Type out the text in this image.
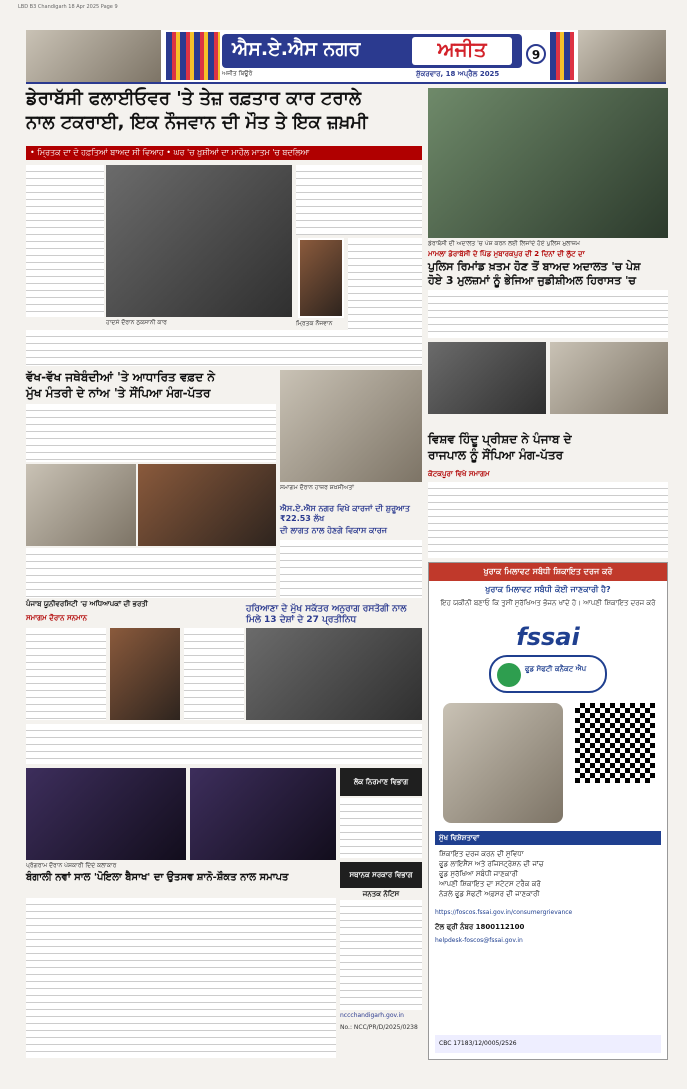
LBD B3 Chandigarh 18 Apr 2025 Page 9
ਐਸ.ਏ.ਐਸ ਨਗਰ	ਅਜੀਤ
ਅਜੀਤ ਬਿਊਰੋ	ਸ਼ੁੱਕਰਵਾਰ, 18 ਅਪ੍ਰੈਲ 2025
9
ਡੇਰਾਬੱਸੀ ਫਲਾਈਓਵਰ 'ਤੇ ਤੇਜ਼ ਰਫ਼ਤਾਰ ਕਾਰ ਟਰਾਲੇ
ਨਾਲ ਟਕਰਾਈ, ਇਕ ਨੌਜਵਾਨ ਦੀ ਮੌਤ ਤੇ ਇਕ ਜ਼ਖ਼ਮੀ
• ਮ੍ਰਿਤਕ ਦਾ ਦੋ ਹਫ਼ਤਿਆਂ ਬਾਅਦ ਸੀ ਵਿਆਹ • ਘਰ 'ਚ ਖ਼ੁਸ਼ੀਆਂ ਦਾ ਮਾਹੌਲ ਮਾਤਮ 'ਚ ਬਦਲਿਆ
ਹਾਦਸੇ ਦੌਰਾਨ ਨੁਕਸਾਨੀ ਕਾਰ	ਮ੍ਰਿਤਕ ਨੌਜਵਾਨ
ਡੇਰਾਬੱਸੀ ਦੀ ਅਦਾਲਤ 'ਚ ਪੇਸ਼ ਕਰਨ ਲਈ ਲਿਜਾਂਦੇ ਹੋਏ ਪੁਲਿਸ ਮੁਲਾਜ਼ਮ
ਮਾਮਲਾ ਡੇਰਾਬੱਸੀ ਦੇ ਪਿੰਡ ਮੁਬਾਰਕਪੁਰ ਦੀ 2 ਦਿਨਾਂ ਦੀ ਲੁੱਟ ਦਾ
ਪੁਲਿਸ ਰਿਮਾਂਡ ਖ਼ਤਮ ਹੋਣ ਤੋਂ ਬਾਅਦ ਅਦਾਲਤ 'ਚ ਪੇਸ਼
ਹੋਏ 3 ਮੁਲਜ਼ਮਾਂ ਨੂੰ ਭੇਜਿਆ ਜੁਡੀਸ਼ੀਅਲ ਹਿਰਾਸਤ 'ਚ
ਵੱਖ-ਵੱਖ ਜਥੇਬੰਦੀਆਂ 'ਤੇ ਆਧਾਰਿਤ ਵਫ਼ਦ ਨੇ
ਮੁੱਖ ਮੰਤਰੀ ਦੇ ਨਾਂਅ 'ਤੇ ਸੌਂਪਿਆ ਮੰਗ-ਪੱਤਰ
ਸਮਾਗਮ ਦੌਰਾਨ ਹਾਜ਼ਰ ਸ਼ਖ਼ਸੀਅਤਾਂ
ਐਸ.ਏ.ਐਸ ਨਗਰ ਵਿਖੇ ਕਾਰਜਾਂ ਦੀ ਸ਼ੁਰੂਆਤ ₹22.53 ਲੱਖ
ਦੀ ਲਾਗਤ ਨਾਲ ਹੋਣਗੇ ਵਿਕਾਸ ਕਾਰਜ
ਵਿਸ਼ਵ ਹਿੰਦੂ ਪ੍ਰੀਸ਼ਦ ਨੇ ਪੰਜਾਬ ਦੇ
ਰਾਜਪਾਲ ਨੂੰ ਸੌਂਪਿਆ ਮੰਗ-ਪੱਤਰ
ਕੋਟਕਪੂਰਾ ਵਿਖੇ ਸਮਾਗਮ
ਪੰਜਾਬ ਯੂਨੀਵਰਸਿਟੀ 'ਚ ਅਧਿਆਪਕਾਂ ਦੀ ਭਰਤੀ
ਸਮਾਗਮ ਦੌਰਾਨ ਸਨਮਾਨ
ਹਰਿਆਣਾ ਦੇ ਮੁੱਖ ਸਕੱਤਰ ਅਨੁਰਾਗ ਰਸਤੋਗੀ ਨਾਲ ਮਿਲੇ 13 ਦੇਸ਼ਾਂ ਦੇ 27 ਪ੍ਰਤੀਨਿਧ
ਪ੍ਰੋਗਰਾਮ ਦੌਰਾਨ ਪੇਸ਼ਕਾਰੀ ਦਿੰਦੇ ਕਲਾਕਾਰ
ਬੰਗਾਲੀ ਨਵਾਂ ਸਾਲ 'ਪੋਇਲਾ ਬੈਸਾਖ' ਦਾ ਉਤਸਵ ਸ਼ਾਨੋ-ਸ਼ੌਕਤ ਨਾਲ ਸਮਾਪਤ
ਲੋਕ ਨਿਰਮਾਣ ਵਿਭਾਗ
ਸਥਾਨਕ ਸਰਕਾਰ ਵਿਭਾਗ
ਜਨਤਕ ਨੋਟਿਸ
nccchandigarh.gov.in
No.: NCC/PR/D/2025/0238
ਖੁਰਾਕ ਮਿਲਾਵਟ ਸਬੰਧੀ ਸ਼ਿਕਾਇਤ ਦਰਜ ਕਰੋ
ਖੁਰਾਕ ਮਿਲਾਵਟ ਸਬੰਧੀ ਕੋਈ ਜਾਣਕਾਰੀ ਹੈ?
ਇਹ ਯਕੀਨੀ ਬਣਾਓ ਕਿ ਤੁਸੀਂ ਸੁਰੱਖਿਅਤ ਭੋਜਨ ਖਾਂਦੇ ਹੋ। ਆਪਣੀ ਸ਼ਿਕਾਇਤ ਦਰਜ ਕਰੋ
fssai
ਫੂਡ ਸੇਫਟੀ ਕਨੈਕਟ ਐਪ
ਮੁੱਖ ਵਿਸ਼ੇਸ਼ਤਾਵਾਂ
ਸ਼ਿਕਾਇਤ ਦਰਜ ਕਰਨ ਦੀ ਸੁਵਿਧਾ
ਫੂਡ ਲਾਇਸੈਂਸ ਅਤੇ ਰਜਿਸਟ੍ਰੇਸ਼ਨ ਦੀ ਜਾਂਚ
ਫੂਡ ਸੁਰੱਖਿਆ ਸਬੰਧੀ ਜਾਣਕਾਰੀ
ਆਪਣੀ ਸ਼ਿਕਾਇਤ ਦਾ ਸਟੇਟਸ ਟਰੈਕ ਕਰੋ
ਨੇੜਲੇ ਫੂਡ ਸੇਫਟੀ ਅਫ਼ਸਰ ਦੀ ਜਾਣਕਾਰੀ
https://foscos.fssai.gov.in/consumergrievance
ਟੋਲ ਫ੍ਰੀ ਨੰਬਰ 1800112100
helpdesk-foscos@fssai.gov.in
CBC 17183/12/0005/2526
